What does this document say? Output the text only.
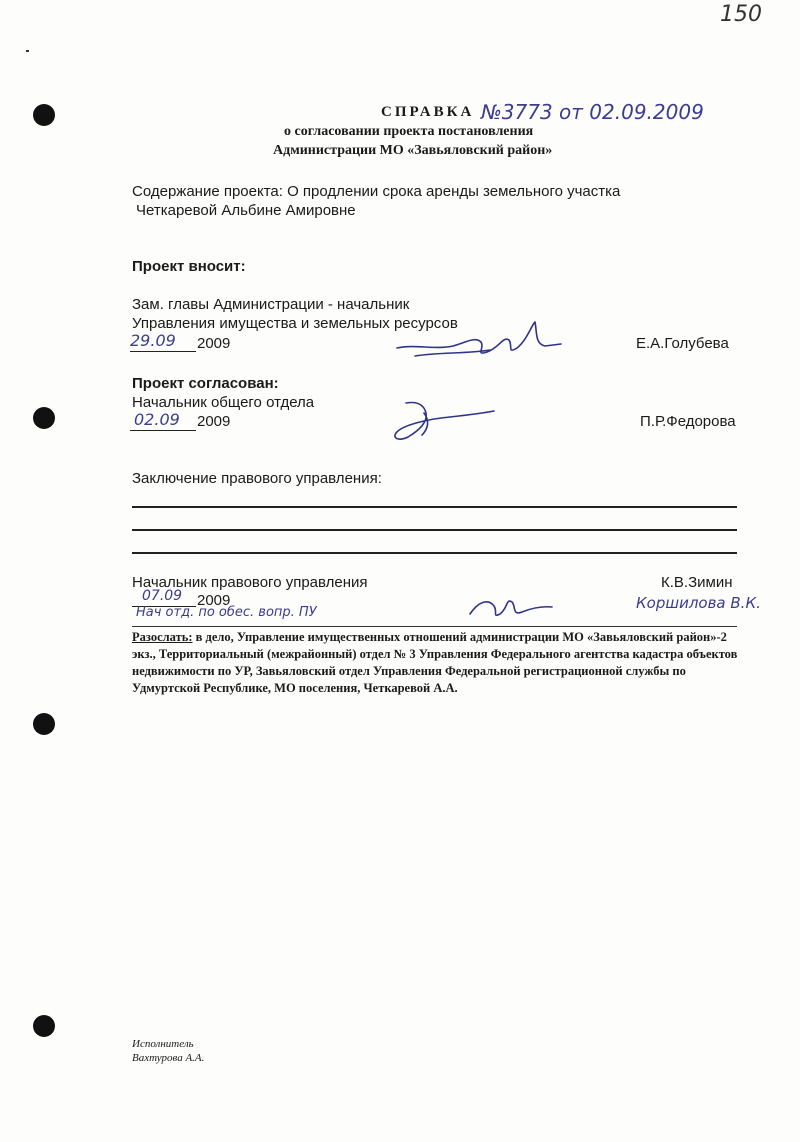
150
СПРАВКА №3773 от 02.09.2009
о согласовании проекта постановления
Администрации МО «Завьяловский район»
Содержание проекта: О продлении срока аренды земельного участка
Четкаревой Альбине Амировне
Проект вносит:
Зам. главы Администрации - начальник
Управления имущества и земельных ресурсов
29.09 2009	Е.А.Голубева
Проект согласован:
Начальник общего отдела
02.09 2009	П.Р.Федорова
Заключение правового управления:
Начальник правового управления	К.В.Зимин
07.09 2009
Нач отд. по обес. вопр. ПУ
Коршилова В.К.
Разослать: в дело, Управление имущественных отношений администрации МО «Завьяловский район»-2
экз., Территориальный (межрайонный) отдел № 3 Управления Федерального агентства кадастра объектов
недвижимости по УР, Завьяловский отдел Управления Федеральной регистрационной службы по
Удмуртской Республике, МО поселения, Четкаревой А.А.
Исполнитель
Вахтурова А.А.
